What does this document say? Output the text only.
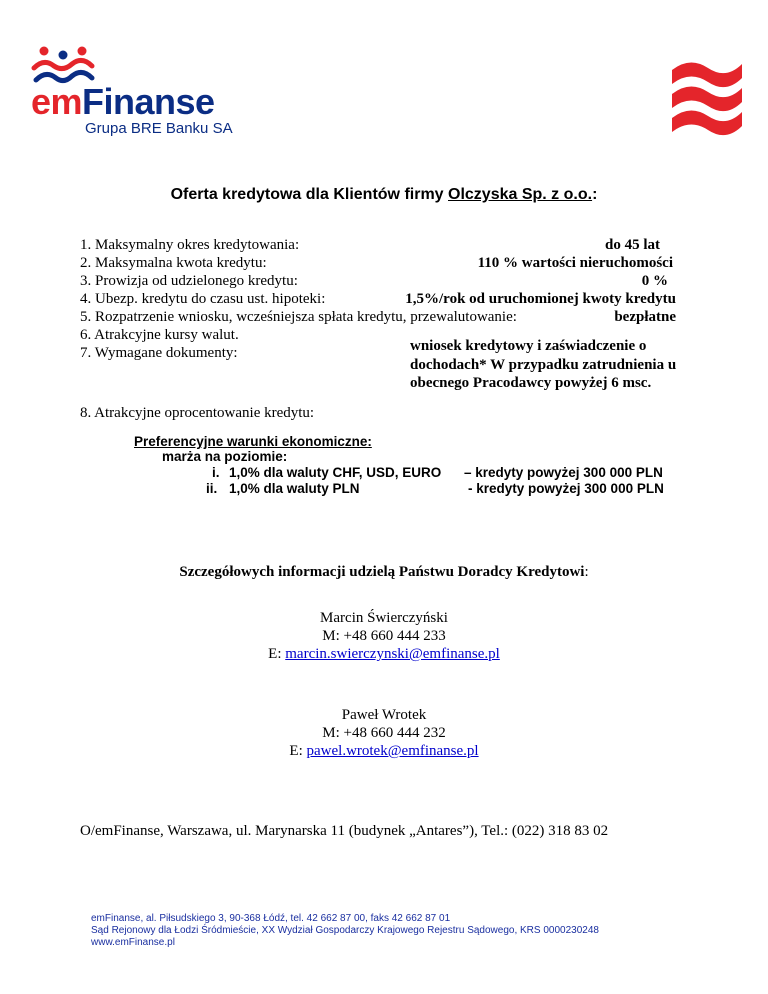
emFinanse
Grupa BRE Banku SA
Oferta kredytowa dla Klientów firmy Olczyska Sp. z o.o.:
1. Maksymalny okres kredytowania:	do 45 lat
2. Maksymalna kwota kredytu:	110 % wartości nieruchomości
3. Prowizja od udzielonego kredytu:	0 %
4. Ubezp. kredytu do czasu ust. hipoteki:	1,5%/rok od uruchomionej kwoty kredytu
5. Rozpatrzenie wniosku, wcześniejsza spłata kredytu, przewalutowanie:	bezpłatne
6. Atrakcyjne kursy walut.
7. Wymagane dokumenty:	wniosek kredytowy i zaświadczenie o dochodach* W przypadku zatrudnienia u obecnego Pracodawcy powyżej 6 msc.
8. Atrakcyjne oprocentowanie kredytu:
Preferencyjne warunki ekonomiczne:
marża na poziomie:
i. 1,0% dla waluty CHF, USD, EURO – kredyty powyżej 300 000 PLN
ii. 1,0% dla waluty PLN	- kredyty powyżej 300 000 PLN
Szczegółowych informacji udzielą Państwu Doradcy Kredytowi:
Marcin Świerczyński
M: +48 660 444 233
E: marcin.swierczynski@emfinanse.pl
Paweł Wrotek
M: +48 660 444 232
E: pawel.wrotek@emfinanse.pl
O/emFinanse, Warszawa, ul. Marynarska 11 (budynek „Antares”), Tel.: (022) 318 83 02
emFinanse, al. Piłsudskiego 3, 90-368 Łódź, tel. 42 662 87 00, faks 42 662 87 01
Sąd Rejonowy dla Łodzi Śródmieście, XX Wydział Gospodarczy Krajowego Rejestru Sądowego, KRS 0000230248
www.emFinanse.pl
